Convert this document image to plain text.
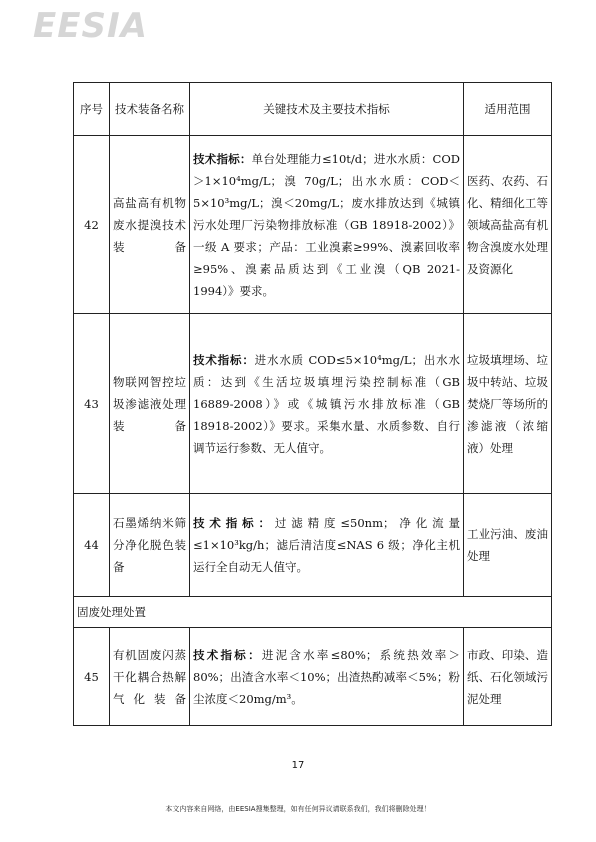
EESIA
序号	技术装备名称	关键技术及主要技术指标	适用范围
42	高盐高有机物废水提溴技术装备	技术指标：单台处理能力≤10t/d；进水水质：COD＞1×10⁴mg/L；溴 70g/L；出水水质：COD＜5×10³mg/L；溴＜20mg/L；废水排放达到《城镇污水处理厂污染物排放标准（GB 18918-2002）》一级 A 要求；产品：工业溴素≥99%、溴素回收率≥95%、溴素品质达到《工业溴（QB 2021-1994）》要求。	医药、农药、石化、精细化工等领域高盐高有机物含溴废水处理及资源化
43	物联网智控垃圾渗滤液处理装备	技术指标：进水水质 COD≤5×10⁴mg/L；出水水质：达到《生活垃圾填埋污染控制标准（GB 16889-2008）》或《城镇污水排放标准（GB 18918-2002）》要求。采集水量、水质参数、自行调节运行参数、无人值守。	垃圾填埋场、垃圾中转站、垃圾焚烧厂等场所的渗滤液（浓缩液）处理
44	石墨烯纳米筛分净化脱色装备	技术指标：过滤精度≤50nm；净化流量≤1×10³kg/h；滤后清洁度≤NAS 6 级；净化主机运行全自动无人值守。	工业污油、废油处理
固废处理处置			
45	有机固废闪蒸干化耦合热解气化装备	技术指标：进泥含水率≤80%；系统热效率＞80%；出渣含水率＜10%；出渣热酌减率＜5%；粉尘浓度＜20mg/m³。	市政、印染、造纸、石化领域污泥处理
17
本文内容来自网络，由EESIA搜集整理，如有任何异议请联系我们，我们将删除处理！
